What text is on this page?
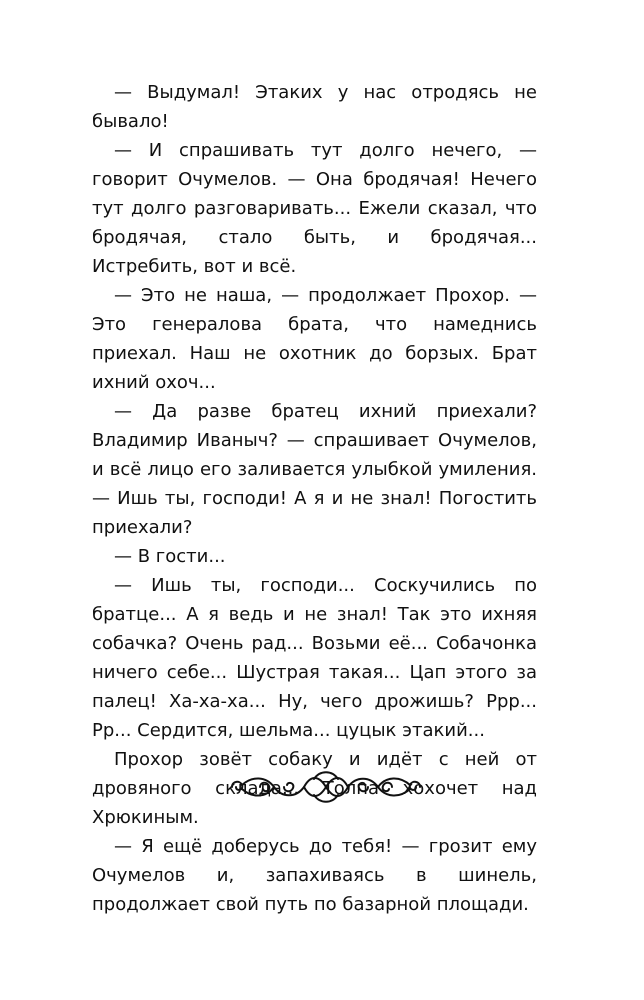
— Выдумал! Этаких у нас отродясь не бывало!

— И спрашивать тут долго нечего, — говорит Очумелов. — Она бродячая! Нечего тут долго разговаривать... Ежели сказал, что бродячая, стало быть, и бродячая... Истребить, вот и всё.

— Это не наша, — продолжает Прохор. — Это генералова брата, что намеднись приехал. Наш не охотник до борзых. Брат ихний охоч...

— Да разве братец ихний приехали? Владимир Иваныч? — спрашивает Очумелов, и всё лицо его заливается улыбкой умиления. — Ишь ты, господи! А я и не знал! Погостить приехали?

— В гости...

— Ишь ты, господи... Соскучились по братце... А я ведь и не знал! Так это ихняя собачка? Очень рад... Возьми её... Собачонка ничего себе... Шустрая такая... Цап этого за палец! Ха-ха-ха... Ну, чего дрожишь? Ррр... Рр... Сердится, шельма... цуцык этакий...

Прохор зовёт собаку и идёт с ней от дровяного склада... Толпа хохочет над Хрюкиным.

— Я ещё доберусь до тебя! — грозит ему Очумелов и, запахиваясь в шинель, продолжает свой путь по базарной площади.
